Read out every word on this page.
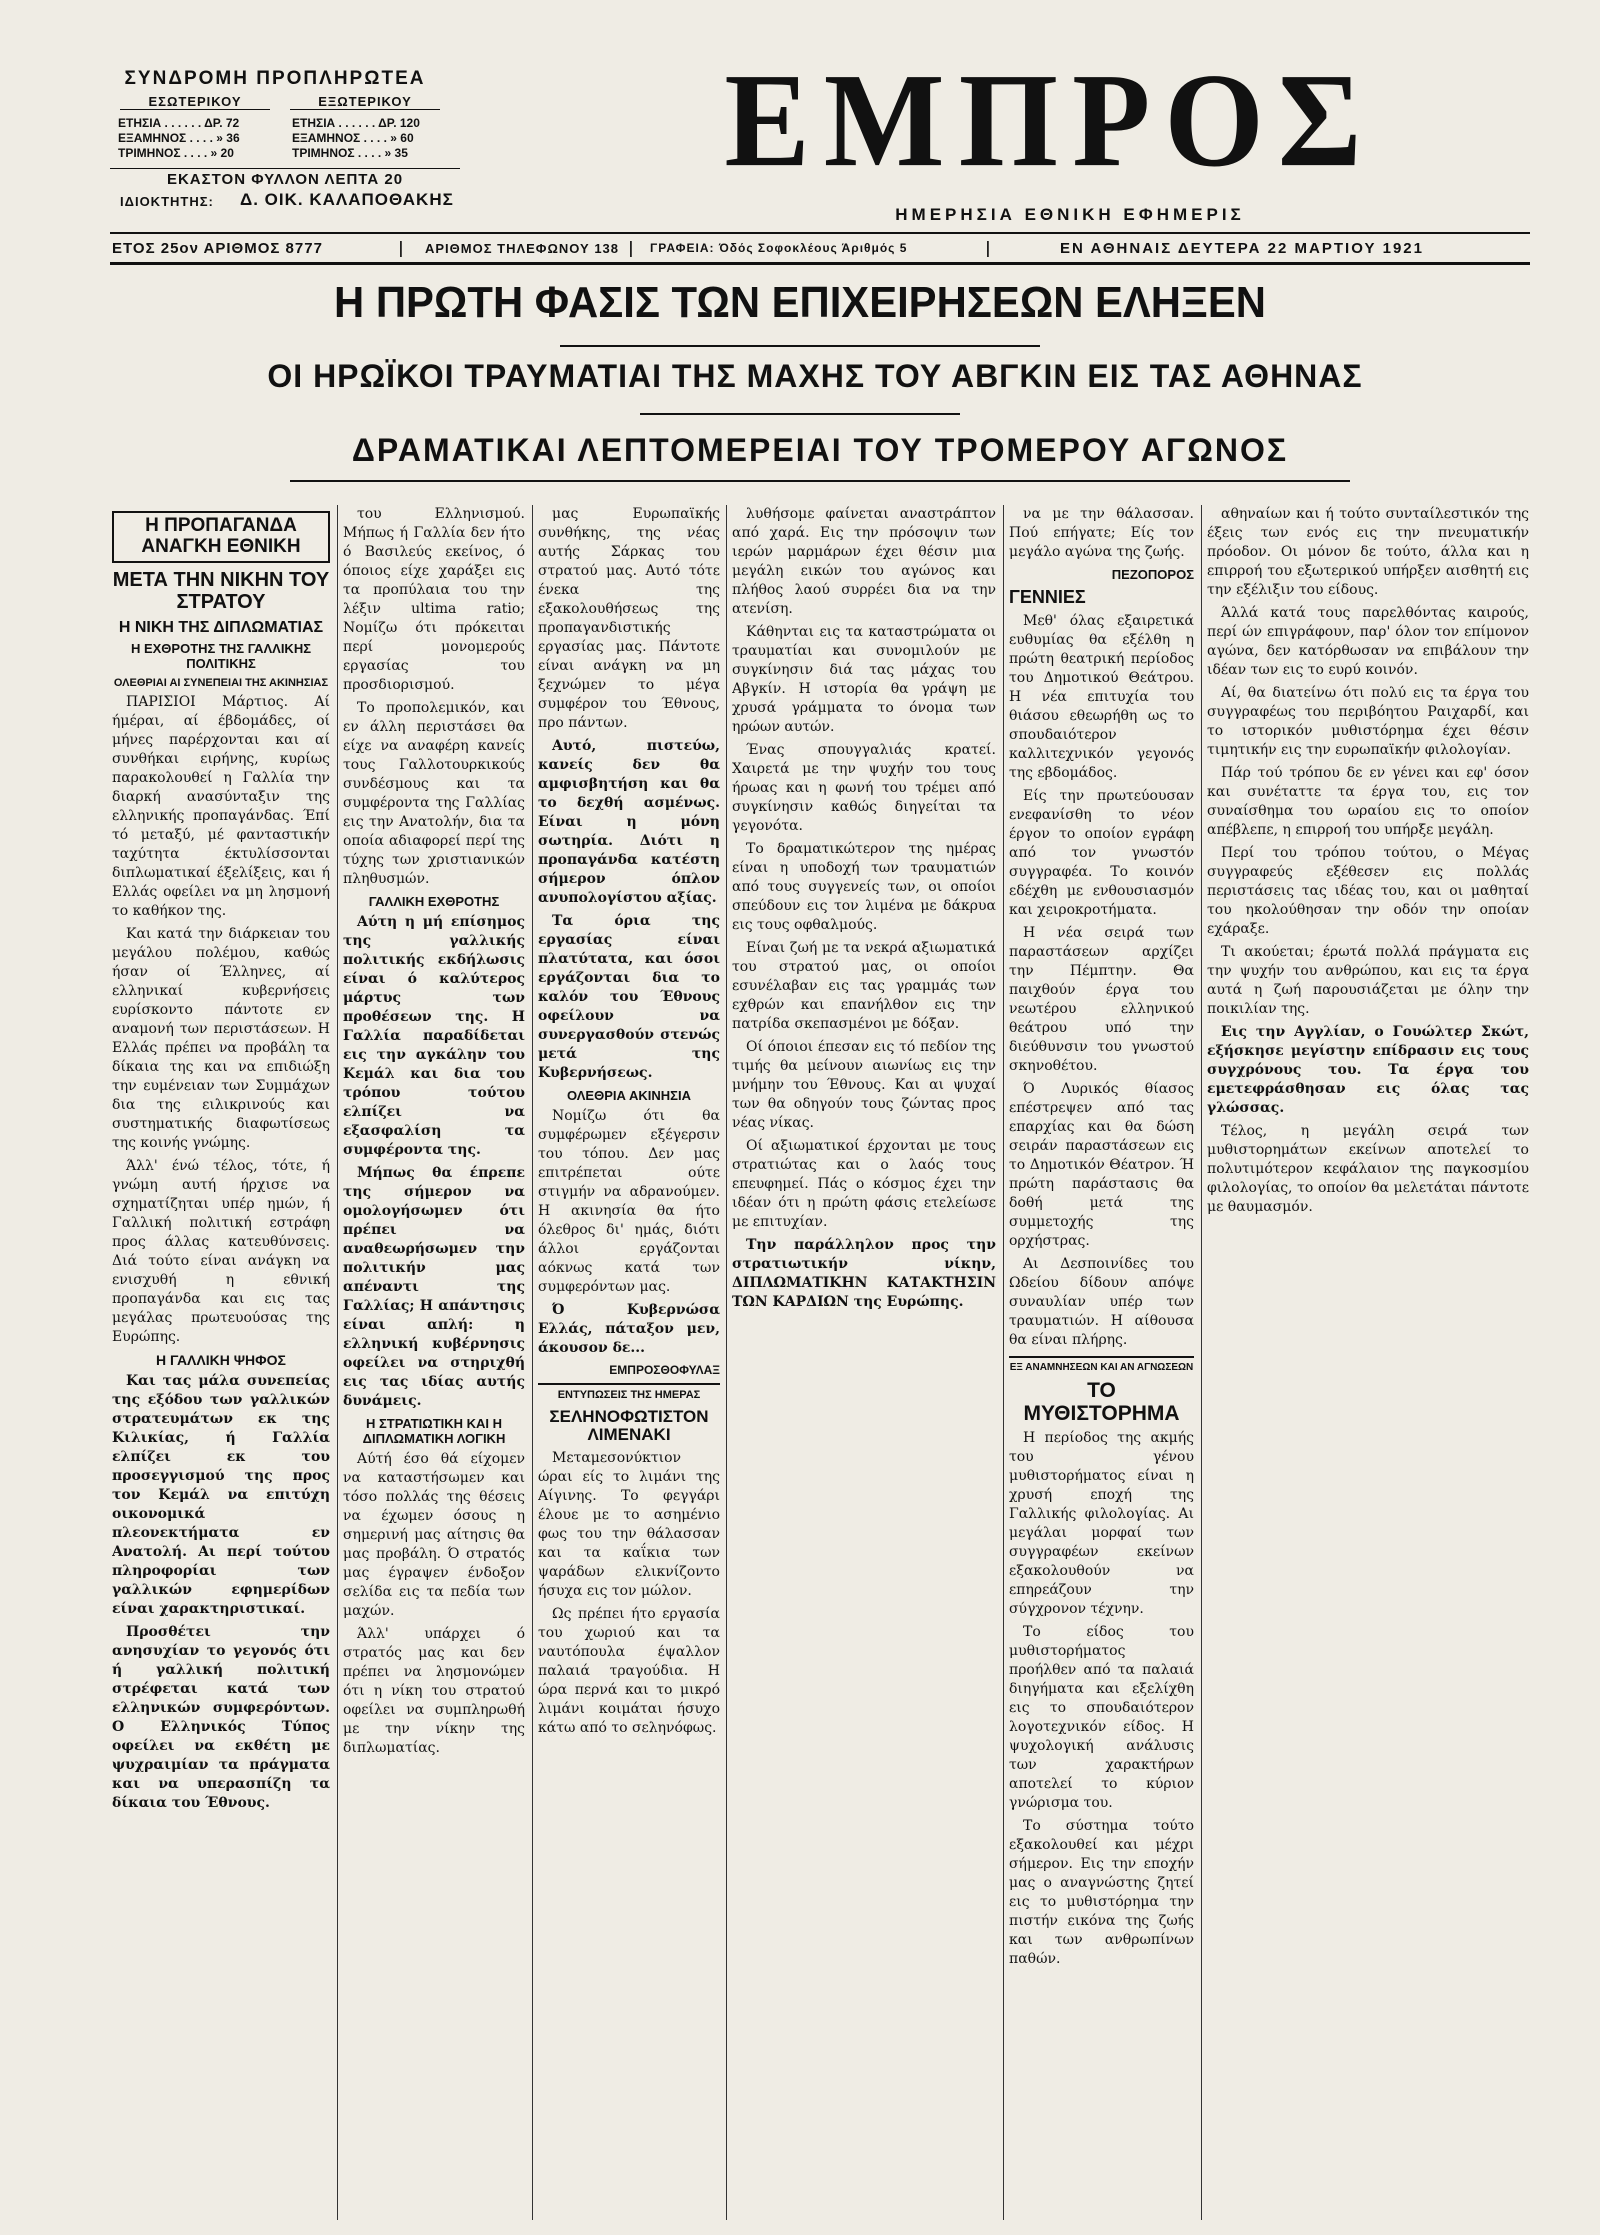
ΣΥΝΔΡΟΜΗ ΠΡΟΠΛΗΡΩΤΕΑ
ΕΣΩΤΕΡΙΚΟΥ	ΕΞΩΤΕΡΙΚΟΥ
ΕΤΗΣΙΑ . . . . . . ΔΡ. 72
ΕΞΑΜΗΝΟΣ . . . . » 36
ΤΡΙΜΗΝΟΣ . . . . » 20
ΕΤΗΣΙΑ . . . . . . ΔΡ. 120
ΕΞΑΜΗΝΟΣ . . . . » 60
ΤΡΙΜΗΝΟΣ . . . . » 35
ΕΚΑΣΤΟΝ ΦΥΛΛΟΝ ΛΕΠΤΑ 20
ΙΔΙΟΚΤΗΤΗΣ: Δ. ΟΙΚ. ΚΑΛΑΠΟΘΑΚΗΣ
ΕΜΠΡΟΣ
ΗΜΕΡΗΣΙΑ ΕΘΝΙΚΗ ΕΦΗΜΕΡΙΣ
ΕΤΟΣ 25ον ΑΡΙΘΜΟΣ 8777	| ΑΡΙΘΜΟΣ ΤΗΛΕΦΩΝΟΥ 138 | ΓΡΑΦΕΙΑ: Όδός Σοφοκλέους Άριθμός 5	|	ΕΝ ΑΘΗΝΑΙΣ ΔΕΥΤΕΡΑ 22 ΜΑΡΤΙΟΥ 1921
Η ΠΡΩΤΗ ΦΑΣΙΣ ΤΩΝ ΕΠΙΧΕΙΡΗΣΕΩΝ ΕΛΗΞΕΝ
ΟΙ ΗΡΩΪΚΟΙ ΤΡΑΥΜΑΤΙΑΙ ΤΗΣ ΜΑΧΗΣ ΤΟΥ ΑΒΓΚΙΝ ΕΙΣ ΤΑΣ ΑΘΗΝΑΣ
ΔΡΑΜΑΤΙΚΑΙ ΛΕΠΤΟΜΕΡΕΙΑΙ ΤΟΥ ΤΡΟΜΕΡΟΥ ΑΓΩΝΟΣ
Η ΠΡΟΠΑΓΑΝΔΑ ΑΝΑΓΚΗ ΕΘΝΙΚΗ
ΜΕΤΑ ΤΗΝ ΝΙΚΗΝ ΤΟΥ ΣΤΡΑΤΟΥ
Η ΝΙΚΗ ΤΗΣ ΔΙΠΛΩΜΑΤΙΑΣ
Η ΕΧΘΡΟΤΗΣ ΤΗΣ ΓΑΛΛΙΚΗΣ ΠΟΛΙΤΙΚΗΣ
ΟΛΕΘΡΙΑΙ ΑΙ ΣΥΝΕΠΕΙΑΙ ΤΗΣ ΑΚΙΝΗΣΙΑΣ

ΠΑΡΙΣΙΟΙ Μάρτιος. Αί ήμέραι, αί έβδομάδες, οί μήνες παρέρχονται και αί συνθήκαι ειρήνης, κυρίως παρακολουθεί η Γαλλία την διαρκή ανασύνταξιν της ελληνικής προπαγάνδας. Έπί τό μεταξύ, μέ φανταστικήν ταχύτητα έκτυλίσσονται διπλωματικαί έξελίξεις, και ή Ελλάς οφείλει να μη λησμονή το καθήκον της.

Και κατά την διάρκειαν του μεγάλου πολέμου, καθώς ήσαν οί Έλληνες, αί ελληνικαί κυβερνήσεις ευρίσκοντο πάντοτε εν αναμονή των περιστάσεων. Η Ελλάς πρέπει να προβάλη τα δίκαια της και να επιδιώξη την ευμένειαν των Συμμάχων δια της ειλικρινούς και συστηματικής διαφωτίσεως της κοινής γνώμης.

Άλλ' ένώ τέλος, τότε, ή γνώμη αυτή ήρχισε να σχηματίζηται υπέρ ημών, ή Γαλλική πολιτική εστράφη προς άλλας κατευθύνσεις. Διά τούτο είναι ανάγκη να ενισχυθή η εθνική προπαγάνδα και εις τας μεγάλας πρωτευούσας της Ευρώπης.

Η ΓΑΛΛΙΚΗ ΨΗΦΟΣ

Και τας μάλα συνεπείας της εξόδου των γαλλικών στρατευμάτων εκ της Κιλικίας, ή Γαλλία ελπίζει εκ του προσεγγισμού της προς τον Κεμάλ να επιτύχη οικονομικά πλεονεκτήματα εν Ανατολή. Αι περί τούτου πληροφορίαι των γαλλικών εφημερίδων είναι χαρακτηριστικαί.

Προσθέτει την ανησυχίαν το γεγονός ότι ή γαλλική πολιτική στρέφεται κατά των ελληνικών συμφερόντων. Ο Ελληνικός Τύπος οφείλει να εκθέτη με ψυχραιμίαν τα πράγματα και να υπερασπίζη τα δίκαια του Έθνους.

του Ελληνισμού. Μήπως ή Γαλλία δεν ήτο ό Βασιλεύς εκείνος, ό όποιος είχε χαράξει εις τα προπύλαια του την λέξιν ultima ratio; Νομίζω ότι πρόκειται περί μονομερούς εργασίας του προσδιορισμού.

Το προπολεμικόν, και εν άλλη περιστάσει θα είχε να αναφέρη κανείς τους Γαλλοτουρκικούς συνδέσμους και τα συμφέροντα της Γαλλίας εις την Ανατολήν, δια τα οποία αδιαφορεί περί της τύχης των χριστιανικών πληθυσμών.

ΓΑΛΛΙΚΗ ΕΧΘΡΟΤΗΣ

Αύτη η μή επίσημος της γαλλικής πολιτικής εκδήλωσις είναι ό καλύτερος μάρτυς των προθέσεων της. Η Γαλλία παραδίδεται εις την αγκάλην του Κεμάλ και δια του τρόπου τούτου ελπίζει να εξασφαλίση τα συμφέροντα της.

Μήπως θα έπρεπε της σήμερον να ομολογήσωμεν ότι πρέπει να αναθεωρήσωμεν την πολιτικήν μας απέναντι της Γαλλίας; Η απάντησις είναι απλή: η ελληνική κυβέρνησις οφείλει να στηριχθή εις τας ιδίας αυτής δυνάμεις.

Η ΣΤΡΑΤΙΩΤΙΚΗ ΚΑΙ Η ΔΙΠΛΩΜΑΤΙΚΗ ΛΟΓΙΚΗ

Αύτή έσο θά είχομεν να καταστήσωμεν και τόσο πολλάς της θέσεις να έχωμεν όσους η σημερινή μας αίτησις θα μας προβάλη. Ό στρατός μας έγραψεν ένδοξον σελίδα εις τα πεδία των μαχών.

Άλλ' υπάρχει ό στρατός μας και δεν πρέπει να λησμονώμεν ότι η νίκη του στρατού οφείλει να συμπληρωθή με την νίκην της διπλωματίας.

μας Ευρωπαϊκής συνθήκης, της νέας αυτής Σάρκας του στρατού μας. Αυτό τότε ένεκα της εξακολουθήσεως της προπαγανδιστικής εργασίας μας. Πάντοτε είναι ανάγκη να μη ξεχνώμεν το μέγα συμφέρον του Έθνους, προ πάντων.

Αυτό, πιστεύω, κανείς δεν θα αμφισβητήση και θα το δεχθή ασμένως. Είναι η μόνη σωτηρία. Διότι η προπαγάνδα κατέστη σήμερον όπλον ανυπολογίστου αξίας.

Τα όρια της εργασίας είναι πλατύτατα, και όσοι εργάζονται δια το καλόν του Έθνους οφείλουν να συνεργασθούν στενώς μετά της Κυβερνήσεως.

ΟΛΕΘΡΙΑ ΑΚΙΝΗΣΙΑ

Νομίζω ότι θα συμφέρωμεν εξέγερσιν του τόπου. Δεν μας επιτρέπεται ούτε στιγμήν να αδρανούμεν. Η ακινησία θα ήτο όλεθρος δι' ημάς, διότι άλλοι εργάζονται αόκνως κατά των συμφερόντων μας.

Ό Κυβερνώσα Ελλάς, πάταξον μεν, άκουσον δε...

ΕΜΠΡΟΣΘΟΦΥΛΑΞ
ΕΝΤΥΠΩΣΕΙΣ ΤΗΣ ΗΜΕΡΑΣ
ΣΕΛΗΝΟΦΩΤΙΣΤΟΝ ΛΙΜΕΝΑΚΙ

Μεταμεσονύκτιον ώραι είς το λιμάνι της Αίγινης. Το φεγγάρι έλουε με το ασημένιο φως του την θάλασσαν και τα καΐκια των ψαράδων ελικνίζοντο ήσυχα εις τον μώλον.

Ως πρέπει ήτο εργασία του χωριού και τα ναυτόπουλα έψαλλον παλαιά τραγούδια. Η ώρα περνά και το μικρό λιμάνι κοιμάται ήσυχο κάτω από το σεληνόφως.

λυθήσομε φαίνεται αναστράπτον από χαρά. Εις την πρόσοψιν των ιερών μαρμάρων έχει θέσιν μια μεγάλη εικών του αγώνος και πλήθος λαού συρρέει δια να την ατενίση.

Κάθηνται εις τα καταστρώματα οι τραυματίαι και συνομιλούν με συγκίνησιν διά τας μάχας του Αβγκίν. Η ιστορία θα γράψη με χρυσά γράμματα το όνομα των ηρώων αυτών.

Ένας σπουγγαλιάς κρατεί. Χαιρετά με την ψυχήν του τους ήρωας και η φωνή του τρέμει από συγκίνησιν καθώς διηγείται τα γεγονότα.

Το δραματικώτερον της ημέρας είναι η υποδοχή των τραυματιών από τους συγγενείς των, οι οποίοι σπεύδουν εις τον λιμένα με δάκρυα εις τους οφθαλμούς.

Είναι ζωή με τα νεκρά αξιωματικά του στρατού μας, οι οποίοι εσυνέλαβαν εις τας γραμμάς των εχθρών και επανήλθον εις την πατρίδα σκεπασμένοι με δόξαν.

Οί όποιοι έπεσαν εις τό πεδίον της τιμής θα μείνουν αιωνίως εις την μνήμην του Έθνους. Και αι ψυχαί των θα οδηγούν τους ζώντας προς νέας νίκας.

Οί αξιωματικοί έρχονται με τους στρατιώτας και ο λαός τους επευφημεί. Πάς ο κόσμος έχει την ιδέαν ότι η πρώτη φάσις ετελείωσε με επιτυχίαν.

Την παράλληλον προς την στρατιωτικήν νίκην, ΔΙΠΛΩΜΑΤΙΚΗΝ ΚΑΤΑΚΤΗΣΙΝ ΤΩΝ ΚΑΡΔΙΩΝ της Ευρώπης.

να με την θάλασσαν. Πού επήγατε; Είς τον μεγάλο αγώνα της ζωής.

ΠΕΖΟΠΟΡΟΣ
ΓΕΝΝΙΕΣ

Μεθ' όλας εξαιρετικά ευθυμίας θα εξέλθη η πρώτη θεατρική περίοδος του Δημοτικού Θεάτρου. Η νέα επιτυχία του θιάσου εθεωρήθη ως το σπουδαιότερον καλλιτεχνικόν γεγονός της εβδομάδος.

Είς την πρωτεύουσαν ενεφανίσθη το νέον έργον το οποίον εγράφη από τον γνωστόν συγγραφέα. Το κοινόν εδέχθη με ενθουσιασμόν και χειροκροτήματα.

Η νέα σειρά των παραστάσεων αρχίζει την Πέμπτην. Θα παιχθούν έργα του νεωτέρου ελληνικού θεάτρου υπό την διεύθυνσιν του γνωστού σκηνοθέτου.

Ό Λυρικός θίασος επέστρεψεν από τας επαρχίας και θα δώση σειράν παραστάσεων εις το Δημοτικόν Θέατρον. Ή πρώτη παράστασις θα δοθή μετά της συμμετοχής της ορχήστρας.

Αι Δεσποινίδες του Ωδείου δίδουν απόψε συναυλίαν υπέρ των τραυματιών. Η αίθουσα θα είναι πλήρης.

ΕΞ ΑΝΑΜΝΗΣΕΩΝ ΚΑΙ ΑΝ ΑΓΝΩΣΕΩΝ
ΤΟ ΜΥΘΙΣΤΟΡΗΜΑ

Η περίοδος της ακμής του γένου μυθιστορήματος είναι η χρυσή εποχή της Γαλλικής φιλολογίας. Αι μεγάλαι μορφαί των συγγραφέων εκείνων εξακολουθούν να επηρεάζουν την σύγχρονον τέχνην.

Το είδος του μυθιστορήματος προήλθεν από τα παλαιά διηγήματα και εξελίχθη εις το σπουδαιότερον λογοτεχνικόν είδος. Η ψυχολογική ανάλυσις των χαρακτήρων αποτελεί το κύριον γνώρισμα του.

Το σύστημα τούτο εξακολουθεί και μέχρι σήμερον. Εις την εποχήν μας ο αναγνώστης ζητεί εις το μυθιστόρημα την πιστήν εικόνα της ζωής και των ανθρωπίνων παθών.

αθηναίων και ή τούτο συνταίλεστικόν της έξεις των ενός εις την πνευματικήν πρόοδον. Οι μόνον δε τούτο, άλλα και η επιρροή του εξωτερικού υπήρξεν αισθητή εις την εξέλιξιν του είδους.

Άλλά κατά τους παρελθόντας καιρούς, περί ών επιγράφουν, παρ' όλον τον επίμονον αγώνα, δεν κατόρθωσαν να επιβάλουν την ιδέαν των εις το ευρύ κοινόν.

Αί, θα διατείνω ότι πολύ εις τα έργα του συγγραφέως του περιβόητου Ραιχαρδί, και το ιστορικόν μυθιστόρημα έχει θέσιν τιμητικήν εις την ευρωπαϊκήν φιλολογίαν.

Πάρ τού τρόπου δε εν γένει και εφ' όσον και συνέταττε τα έργα του, εις τον συναίσθημα του ωραίου εις το οποίον απέβλεπε, η επιρροή του υπήρξε μεγάλη.

Περί του τρόπου τούτου, ο Μέγας συγγραφεύς εξέθεσεν εις πολλάς περιστάσεις τας ιδέας του, και οι μαθηταί του ηκολούθησαν την οδόν την οποίαν εχάραξε.

Τι ακούεται; έρωτά πολλά πράγματα εις την ψυχήν του ανθρώπου, και εις τα έργα αυτά η ζωή παρουσιάζεται με όλην την ποικιλίαν της.

Εις την Αγγλίαν, ο Γουώλτερ Σκώτ, εξήσκησε μεγίστην επίδρασιν εις τους συγχρόνους του. Τα έργα του εμετεφράσθησαν εις όλας τας γλώσσας.

Τέλος, η μεγάλη σειρά των μυθιστορημάτων εκείνων αποτελεί το πολυτιμότερον κεφάλαιον της παγκοσμίου φιλολογίας, το οποίον θα μελετάται πάντοτε με θαυμασμόν.
